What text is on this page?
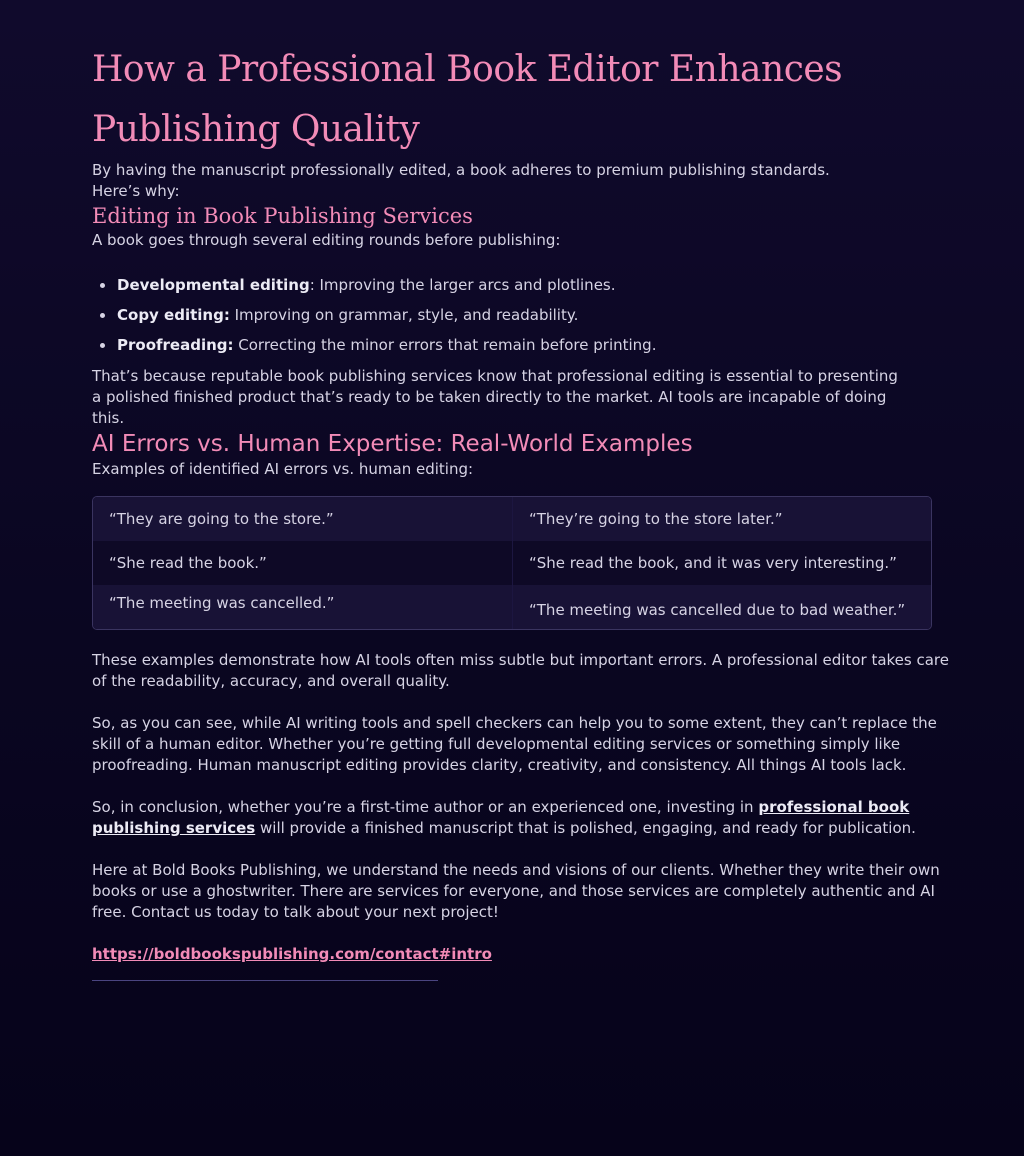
How a Professional Book Editor Enhances Publishing Quality

By having the manuscript professionally edited, a book adheres to premium publishing standards. Here’s why:

Editing in Book Publishing Services

A book goes through several editing rounds before publishing:

Developmental editing: Improving the larger arcs and plotlines.
Copy editing: Improving on grammar, style, and readability.
Proofreading: Correcting the minor errors that remain before printing.

That’s because reputable book publishing services know that professional editing is essential to presenting a polished finished product that’s ready to be taken directly to the market. AI tools are incapable of doing this.

AI Errors vs. Human Expertise: Real-World Examples

Examples of identified AI errors vs. human editing:

“They are going to the store.”	“They’re going to the store later.”
“She read the book.”	“She read the book, and it was very interesting.”
“The meeting was cancelled.”	“The meeting was cancelled due to bad weather.”

These examples demonstrate how AI tools often miss subtle but important errors. A professional editor takes care of the readability, accuracy, and overall quality.

So, as you can see, while AI writing tools and spell checkers can help you to some extent, they can’t replace the skill of a human editor. Whether you’re getting full developmental editing services or something simply like proofreading. Human manuscript editing provides clarity, creativity, and consistency. All things AI tools lack.

So, in conclusion, whether you’re a first-time author or an experienced one, investing in professional book publishing services will provide a finished manuscript that is polished, engaging, and ready for publication.

Here at Bold Books Publishing, we understand the needs and visions of our clients. Whether they write their own books or use a ghostwriter. There are services for everyone, and those services are completely authentic and AI free. Contact us today to talk about your next project!

https://boldbookspublishing.com/contact#intro
